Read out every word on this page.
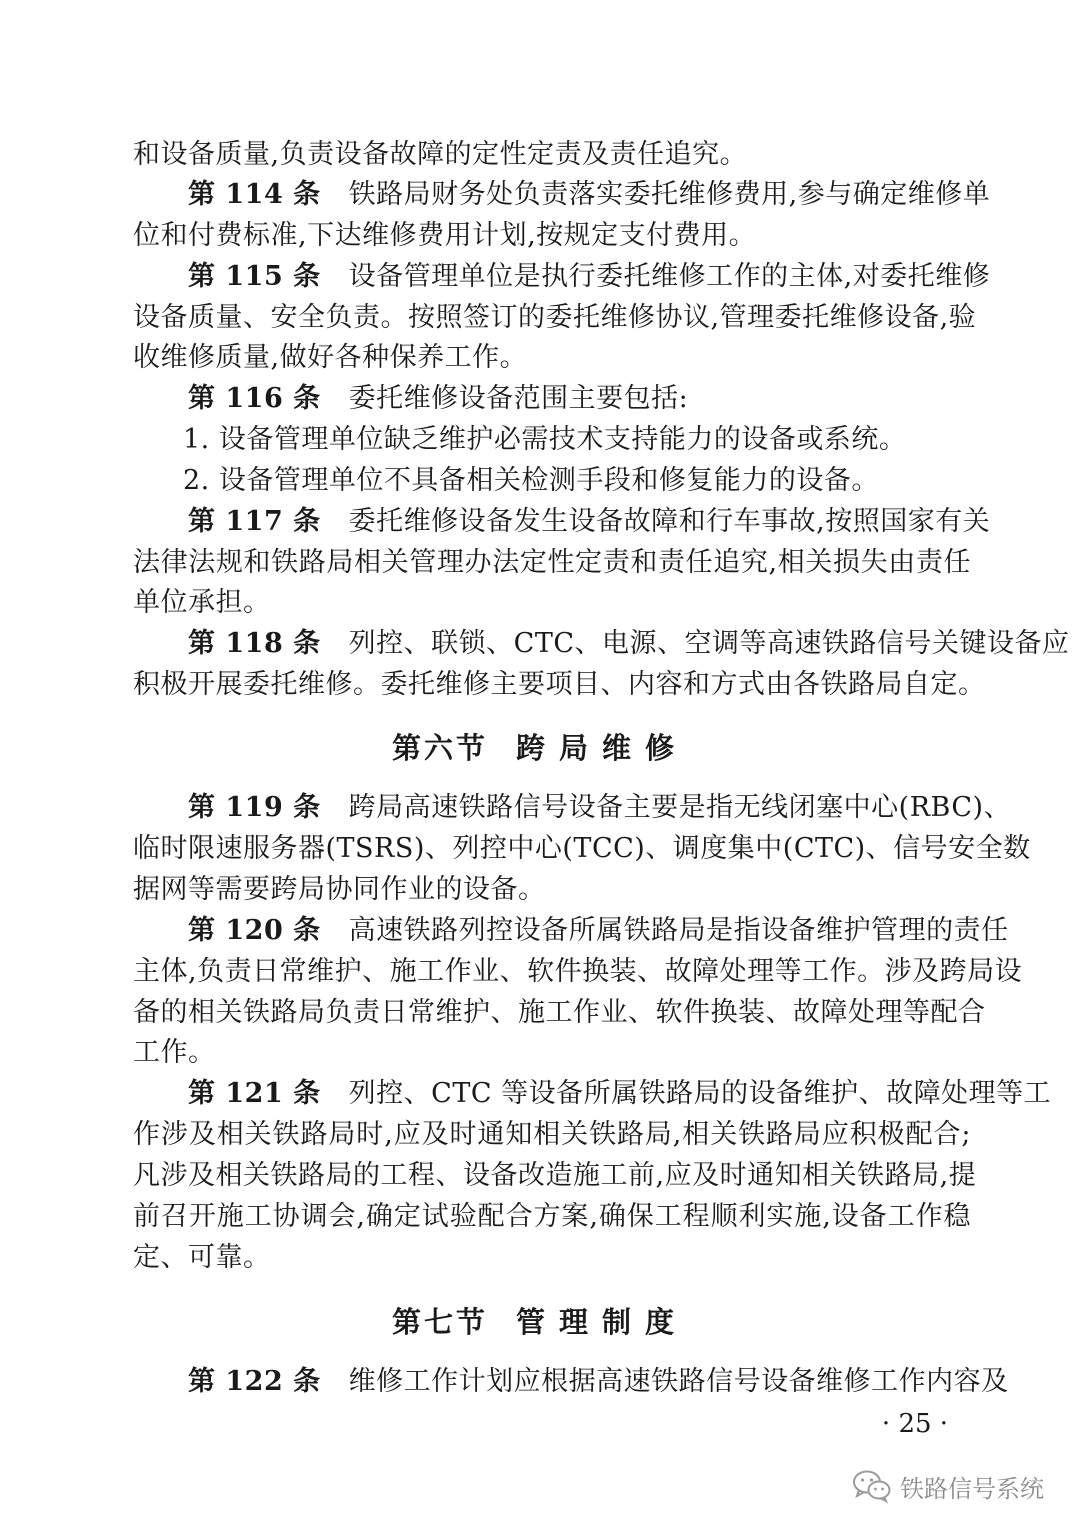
和设备质量,负责设备故障的定性定责及责任追究。
第 114 条 铁路局财务处负责落实委托维修费用,参与确定维修单
位和付费标准,下达维修费用计划,按规定支付费用。
第 115 条 设备管理单位是执行委托维修工作的主体,对委托维修
设备质量、安全负责。按照签订的委托维修协议,管理委托维修设备,验
收维修质量,做好各种保养工作。
第 116 条 委托维修设备范围主要包括:
1. 设备管理单位缺乏维护必需技术支持能力的设备或系统。
2. 设备管理单位不具备相关检测手段和修复能力的设备。
第 117 条 委托维修设备发生设备故障和行车事故,按照国家有关
法律法规和铁路局相关管理办法定性定责和责任追究,相关损失由责任
单位承担。
第 118 条 列控、联锁、CTC、电源、空调等高速铁路信号关键设备应
积极开展委托维修。委托维修主要项目、内容和方式由各铁路局自定。
第六节 跨局维修
第 119 条 跨局高速铁路信号设备主要是指无线闭塞中心(RBC)、
临时限速服务器(TSRS)、列控中心(TCC)、调度集中(CTC)、信号安全数
据网等需要跨局协同作业的设备。
第 120 条 高速铁路列控设备所属铁路局是指设备维护管理的责任
主体,负责日常维护、施工作业、软件换装、故障处理等工作。涉及跨局设
备的相关铁路局负责日常维护、施工作业、软件换装、故障处理等配合
工作。
第 121 条 列控、CTC 等设备所属铁路局的设备维护、故障处理等工
作涉及相关铁路局时,应及时通知相关铁路局,相关铁路局应积极配合;
凡涉及相关铁路局的工程、设备改造施工前,应及时通知相关铁路局,提
前召开施工协调会,确定试验配合方案,确保工程顺利实施,设备工作稳
定、可靠。
第七节 管理制度
第 122 条 维修工作计划应根据高速铁路信号设备维修工作内容及
· 25 ·
铁路信号系统
